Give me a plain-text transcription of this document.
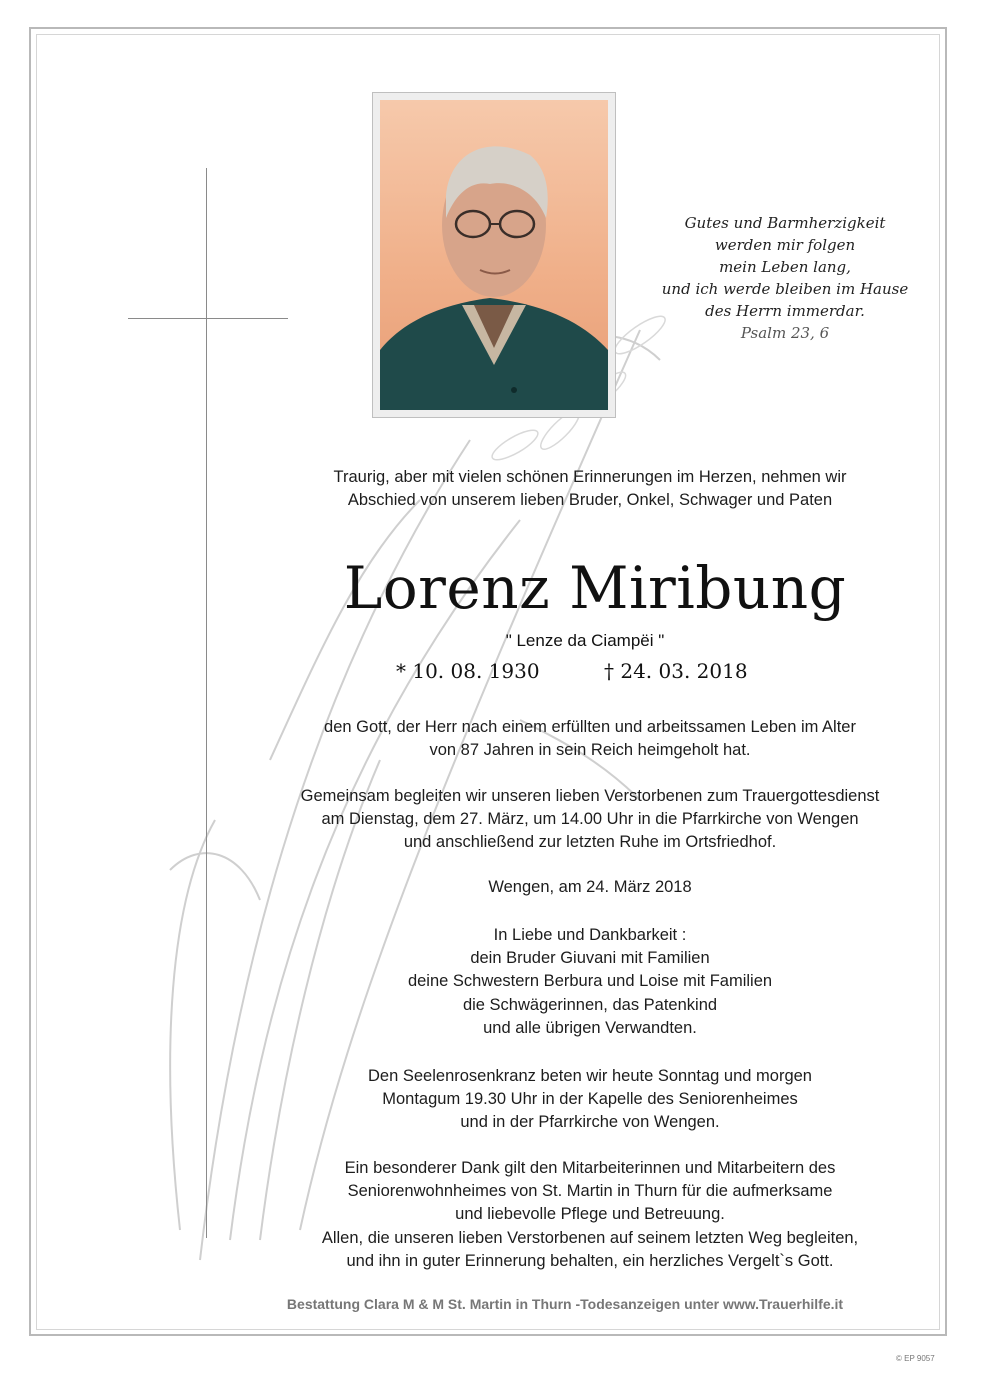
Gutes und Barmherzigkeit
werden mir folgen
mein Leben lang,
und ich werde bleiben im Hause
des Herrn immerdar.
Psalm 23, 6
Traurig, aber mit vielen schönen Erinnerungen im Herzen, nehmen wir
Abschied von unserem lieben Bruder, Onkel, Schwager und Paten
Lorenz Miribung
" Lenze da Ciampëi "
* 10. 08. 1930	† 24. 03. 2018
den Gott, der Herr nach einem erfüllten und arbeitssamen Leben im Alter
von 87 Jahren in sein Reich heimgeholt hat.
Gemeinsam begleiten wir unseren lieben Verstorbenen zum Trauergottesdienst
am Dienstag, dem 27. März, um 14.00 Uhr in die Pfarrkirche von Wengen
und anschließend zur letzten Ruhe im Ortsfriedhof.
Wengen, am 24. März 2018
In Liebe und Dankbarkeit :
dein Bruder Giuvani mit Familien
deine Schwestern Berbura und Loise mit Familien
die Schwägerinnen, das Patenkind
und alle übrigen Verwandten.
Den Seelenrosenkranz beten wir heute Sonntag und morgen
Montagum 19.30 Uhr in der Kapelle des Seniorenheimes
und in der Pfarrkirche von Wengen.
Ein besonderer Dank gilt den Mitarbeiterinnen und Mitarbeitern des
Seniorenwohnheimes von St. Martin in Thurn für die aufmerksame
und liebevolle Pflege und Betreuung.
Allen, die unseren lieben Verstorbenen auf seinem letzten Weg begleiten,
und ihn in guter Erinnerung behalten, ein herzliches Vergelt`s Gott.
Bestattung Clara M & M St. Martin in Thurn -Todesanzeigen unter www.Trauerhilfe.it
© EP 9057
